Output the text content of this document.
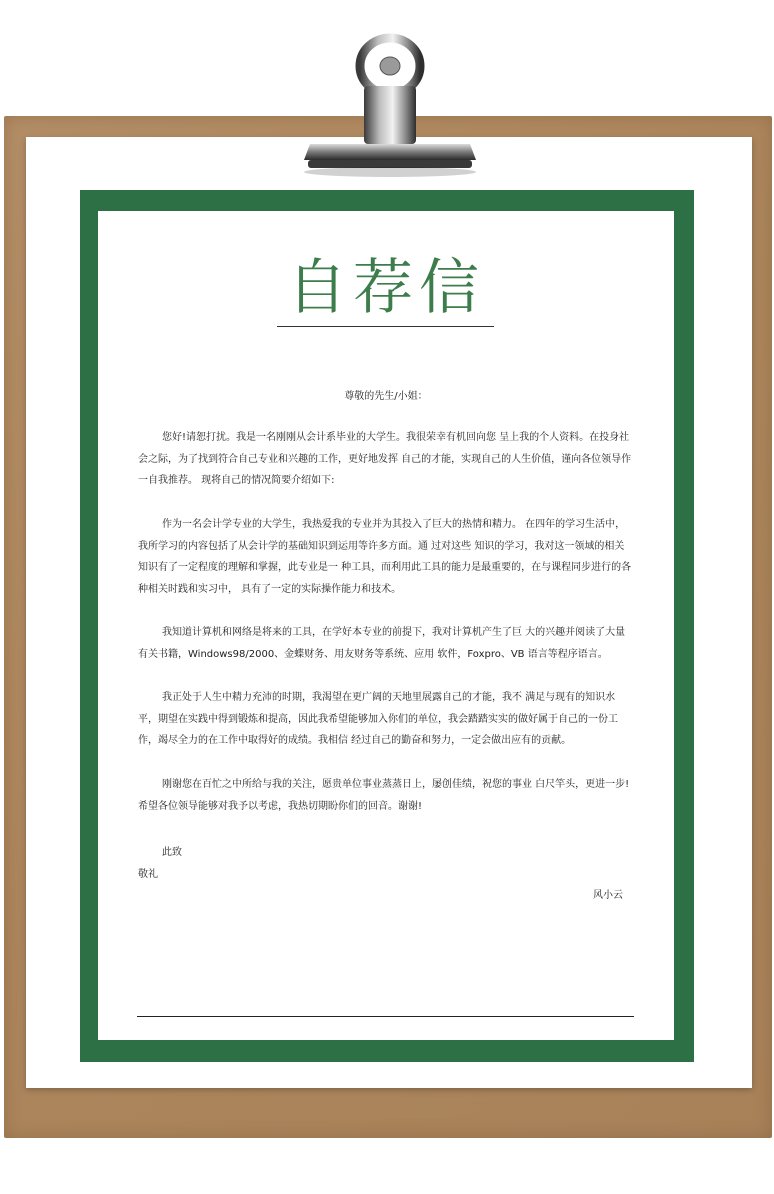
自荐信
尊敬的先生/小姐：

您好!请恕打扰。我是一名刚刚从会计系毕业的大学生。我很荣幸有机回向您 呈上我的个人资料。在投身社会之际，为了找到符合自己专业和兴趣的工作，更好地发挥 自己的才能，实现自己的人生价值，谨向各位领导作一自我推荐。 现将自己的情况简要介绍如下:

作为一名会计学专业的大学生，我热爱我的专业并为其投入了巨大的热情和精力。 在四年的学习生活中，我所学习的内容包括了从会计学的基础知识到运用等许多方面。通 过对这些 知识的学习，我对这一领域的相关知识有了一定程度的理解和掌握，此专业是一 种工具，而利用此工具的能力是最重要的，在与课程同步进行的各种相关时践和实习中， 具有了一定的实际操作能力和技术。

我知道计算机和网络是将来的工具，在学好本专业的前提下，我对计算机产生了巨 大的兴趣并阅读了大量有关书籍，Windows98/2000、金蝶财务、用友财务等系统、应用 软件，Foxpro、VB 语言等程序语言。

我正处于人生中精力充沛的时期，我渴望在更广阔的天地里展露自己的才能，我不 满足与现有的知识水平，期望在实践中得到锻炼和提高，因此我希望能够加入你们的单位，我会踏踏实实的做好属于自己的一份工作，竭尽全力的在工作中取得好的成绩。我相信 经过自己的勤奋和努力，一定会做出应有的贡献。

刚谢您在百忙之中所给与我的关注，愿贵单位事业蒸蒸日上，屡创佳绩，祝您的事业 白尺竿头，更进一步! 希望各位领导能够对我予以考虑，我热切期盼你们的回音。谢谢!

此致
敬礼
风小云
